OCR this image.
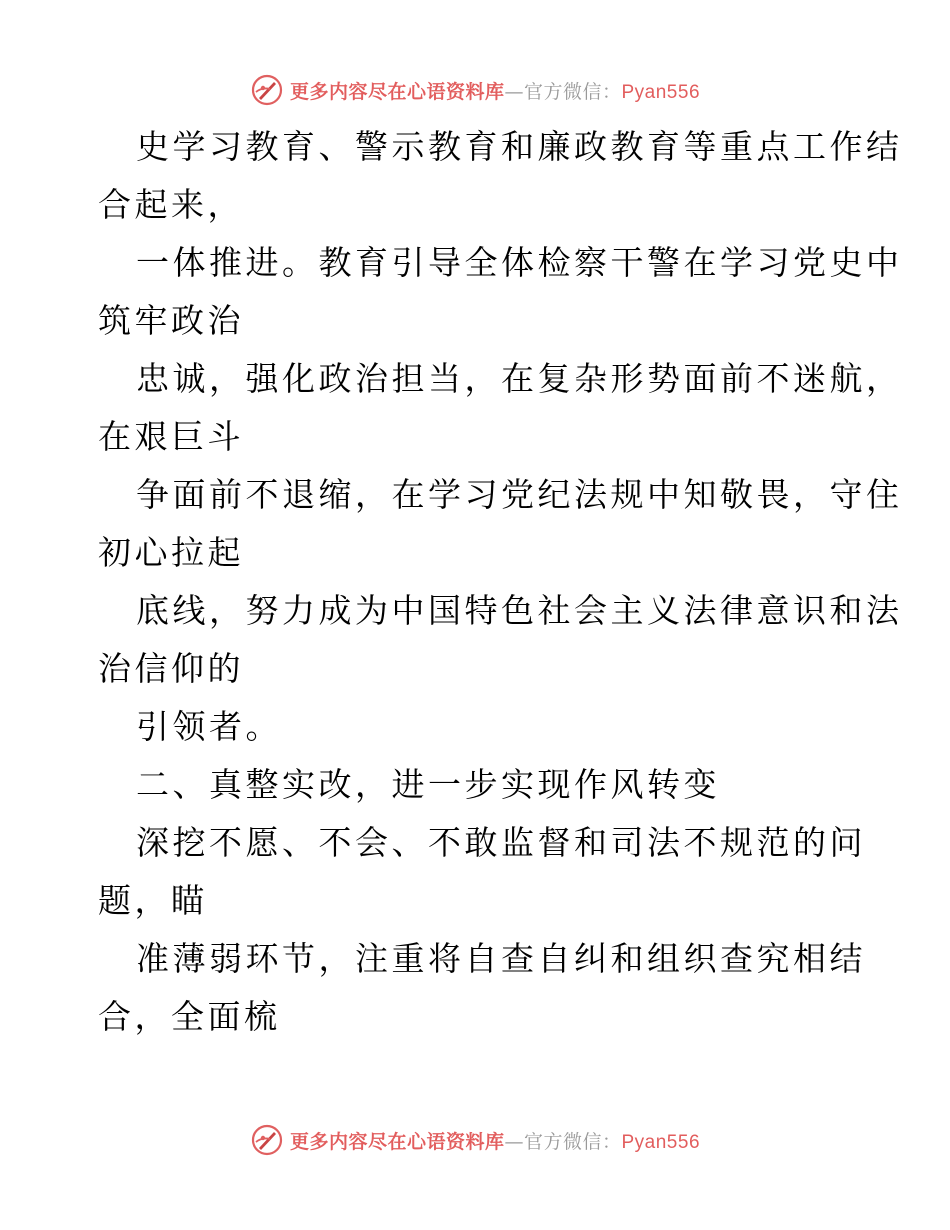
更多内容尽在心语资料库—官方微信：Pyan556
史学习教育、警示教育和廉政教育等重点工作结
合起来，
一体推进。教育引导全体检察干警在学习党史中
筑牢政治
忠诚，强化政治担当，在复杂形势面前不迷航，
在艰巨斗
争面前不退缩，在学习党纪法规中知敬畏，守住
初心拉起
底线，努力成为中国特色社会主义法律意识和法
治信仰的
引领者。
二、真整实改，进一步实现作风转变
深挖不愿、不会、不敢监督和司法不规范的问
题，瞄
准薄弱环节，注重将自查自纠和组织查究相结
合，全面梳
更多内容尽在心语资料库—官方微信：Pyan556
